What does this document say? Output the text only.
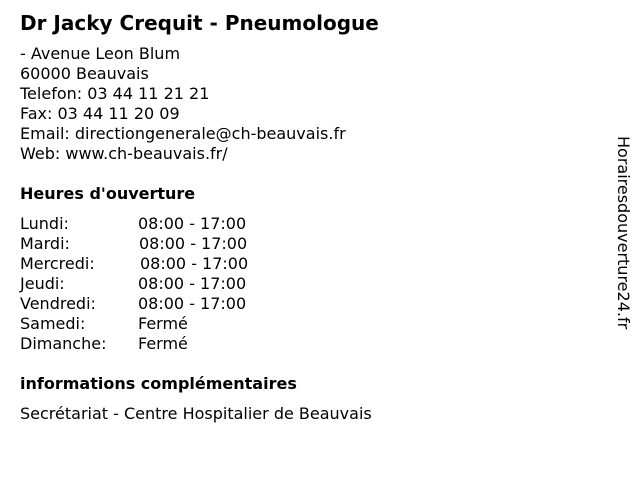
Dr Jacky Crequit - Pneumologue
- Avenue Leon Blum
60000 Beauvais
Telefon: 03 44 11 21 21
Fax: 03 44 11 20 09
Email: directiongenerale@ch-beauvais.fr
Web: www.ch-beauvais.fr/
Heures d'ouverture
Lundi:	08:00 - 17:00
Mardi:	08:00 - 17:00
Mercredi:	08:00 - 17:00
Jeudi:	08:00 - 17:00
Vendredi:	08:00 - 17:00
Samedi:	Fermé
Dimanche: Fermé
informations complémentaires
Secrétariat - Centre Hospitalier de Beauvais
Horairesdouverture24.fr
